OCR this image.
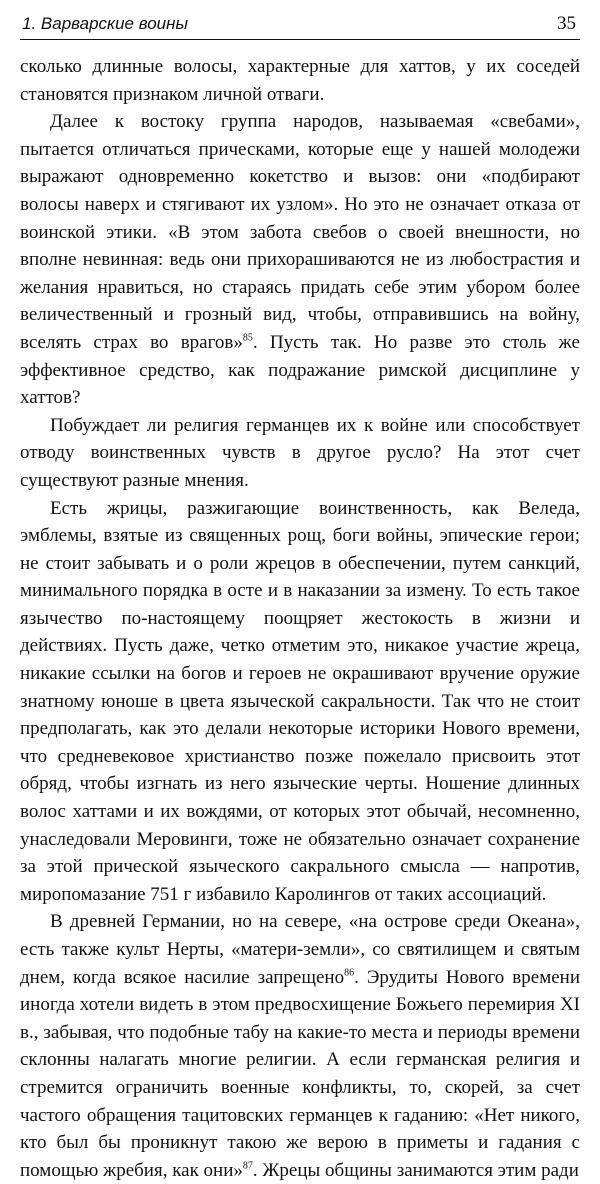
1. Варварские воины	35

сколько длинные волосы, характерные для хаттов, у их соседей становятся признаком личной отваги.

Далее к востоку группа народов, называемая «свебами», пытается отличаться прическами, которые еще у нашей молодежи выражают одновременно кокетство и вызов: они «подбирают волосы наверх и стягивают их узлом». Но это не означает отказа от воинской этики. «В этом забота свебов о своей внешности, но вполне невинная: ведь они прихорашиваются не из любострастия и желания нравиться, но стараясь придать себе этим убором более величественный и грозный вид, чтобы, отправившись на войну, вселять страх во врагов»$^{85}$. Пусть так. Но разве это столь же эффективное средство, как подражание римской дисциплине у хаттов?

Побуждает ли религия германцев их к войне или способствует отводу воинственных чувств в другое русло? На этот счет существуют разные мнения.

Есть жрицы, разжигающие воинственность, как Веледа, эмблемы, взятые из священных рощ, боги войны, эпические герои; не стоит забывать и о роли жрецов в обеспечении, путем санкций, минимального порядка в осте и в наказании за измену. То есть такое язычество по-настоящему поощряет жестокость в жизни и действиях. Пусть даже, четко отметим это, никакое участие жреца, никакие ссылки на богов и героев не окрашивают вручение оружие знатному юноше в цвета языческой сакральности. Так что не стоит предполагать, как это делали некоторые историки Нового времени, что средневековое христианство позже пожелало присвоить этот обряд, чтобы изгнать из него языческие черты. Ношение длинных волос хаттами и их вождями, от которых этот обычай, несомненно, унаследовали Меровинги, тоже не обязательно означает сохранение за этой прической языческого сакрального смысла — напротив, миропомазание 751 г избавило Каролингов от таких ассоциаций.

В древней Германии, но на севере, «на острове среди Океана», есть также культ Нерты, «матери-земли», со святилищем и святым днем, когда всякое насилие запрещено$^{86}$. Эрудиты Нового времени иногда хотели видеть в этом предвосхищение Божьего перемирия XI в., забывая, что подобные табу на какие-то места и периоды времени склонны налагать многие религии. А если германская религия и стремится ограничить военные конфликты, то, скорей, за счет частого обращения тацитовских германцев к гаданию: «Нет никого, кто был бы проникнут такою же верою в приметы и гадания с помощью жребия, как они»$^{87}$. Жрецы общины занимаются этим ради
